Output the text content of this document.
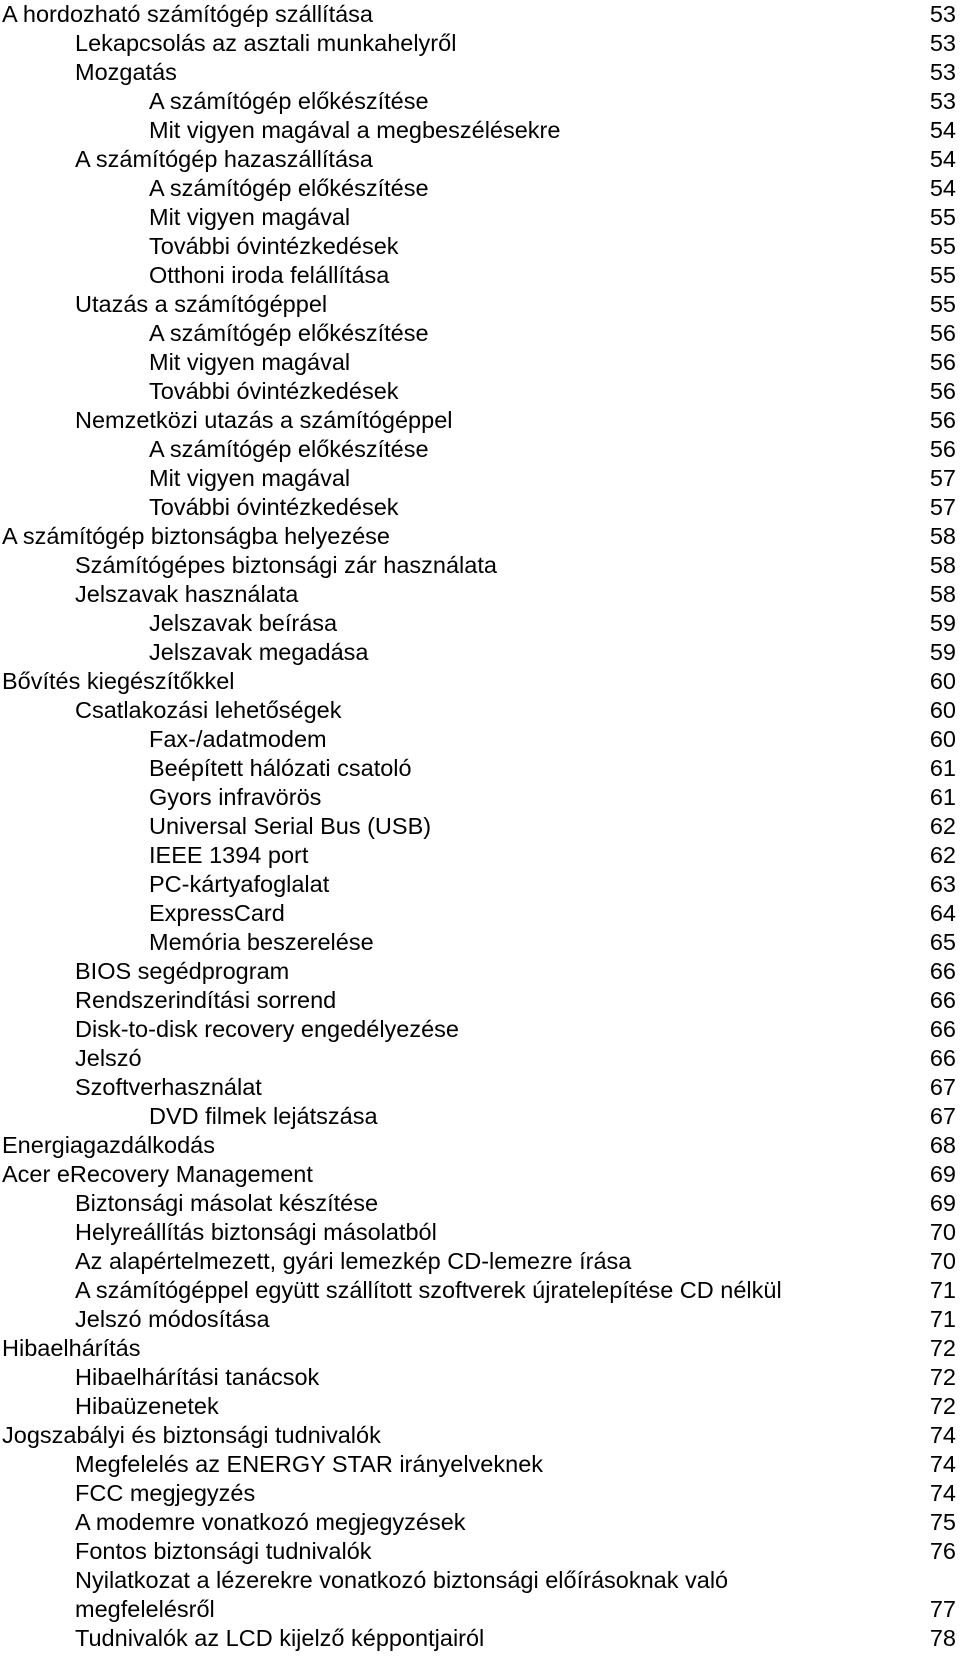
A hordozható számítógép szállítása	53
Lekapcsolás az asztali munkahelyről	53
Mozgatás	53
A számítógép előkészítése	53
Mit vigyen magával a megbeszélésekre	54
A számítógép hazaszállítása	54
A számítógép előkészítése	54
Mit vigyen magával	55
További óvintézkedések	55
Otthoni iroda felállítása	55
Utazás a számítógéppel	55
A számítógép előkészítése	56
Mit vigyen magával	56
További óvintézkedések	56
Nemzetközi utazás a számítógéppel	56
A számítógép előkészítése	56
Mit vigyen magával	57
További óvintézkedések	57
A számítógép biztonságba helyezése	58
Számítógépes biztonsági zár használata	58
Jelszavak használata	58
Jelszavak beírása	59
Jelszavak megadása	59
Bővítés kiegészítőkkel	60
Csatlakozási lehetőségek	60
Fax-/adatmodem	60
Beépített hálózati csatoló	61
Gyors infravörös	61
Universal Serial Bus (USB)	62
IEEE 1394 port	62
PC-kártyafoglalat	63
ExpressCard	64
Memória beszerelése	65
BIOS segédprogram	66
Rendszerindítási sorrend	66
Disk-to-disk recovery engedélyezése	66
Jelszó	66
Szoftverhasználat	67
DVD filmek lejátszása	67
Energiagazdálkodás	68
Acer eRecovery Management	69
Biztonsági másolat készítése	69
Helyreállítás biztonsági másolatból	70
Az alapértelmezett, gyári lemezkép CD-lemezre írása	70
A számítógéppel együtt szállított szoftverek újratelepítése CD nélkül	71
Jelszó módosítása	71
Hibaelhárítás	72
Hibaelhárítási tanácsok	72
Hibaüzenetek	72
Jogszabályi és biztonsági tudnivalók	74
Megfelelés az ENERGY STAR irányelveknek	74
FCC megjegyzés	74
A modemre vonatkozó megjegyzések	75
Fontos biztonsági tudnivalók	76
Nyilatkozat a lézerekre vonatkozó biztonsági előírásoknak való megfelelésről	77
Tudnivalók az LCD kijelző képpontjairól	78
